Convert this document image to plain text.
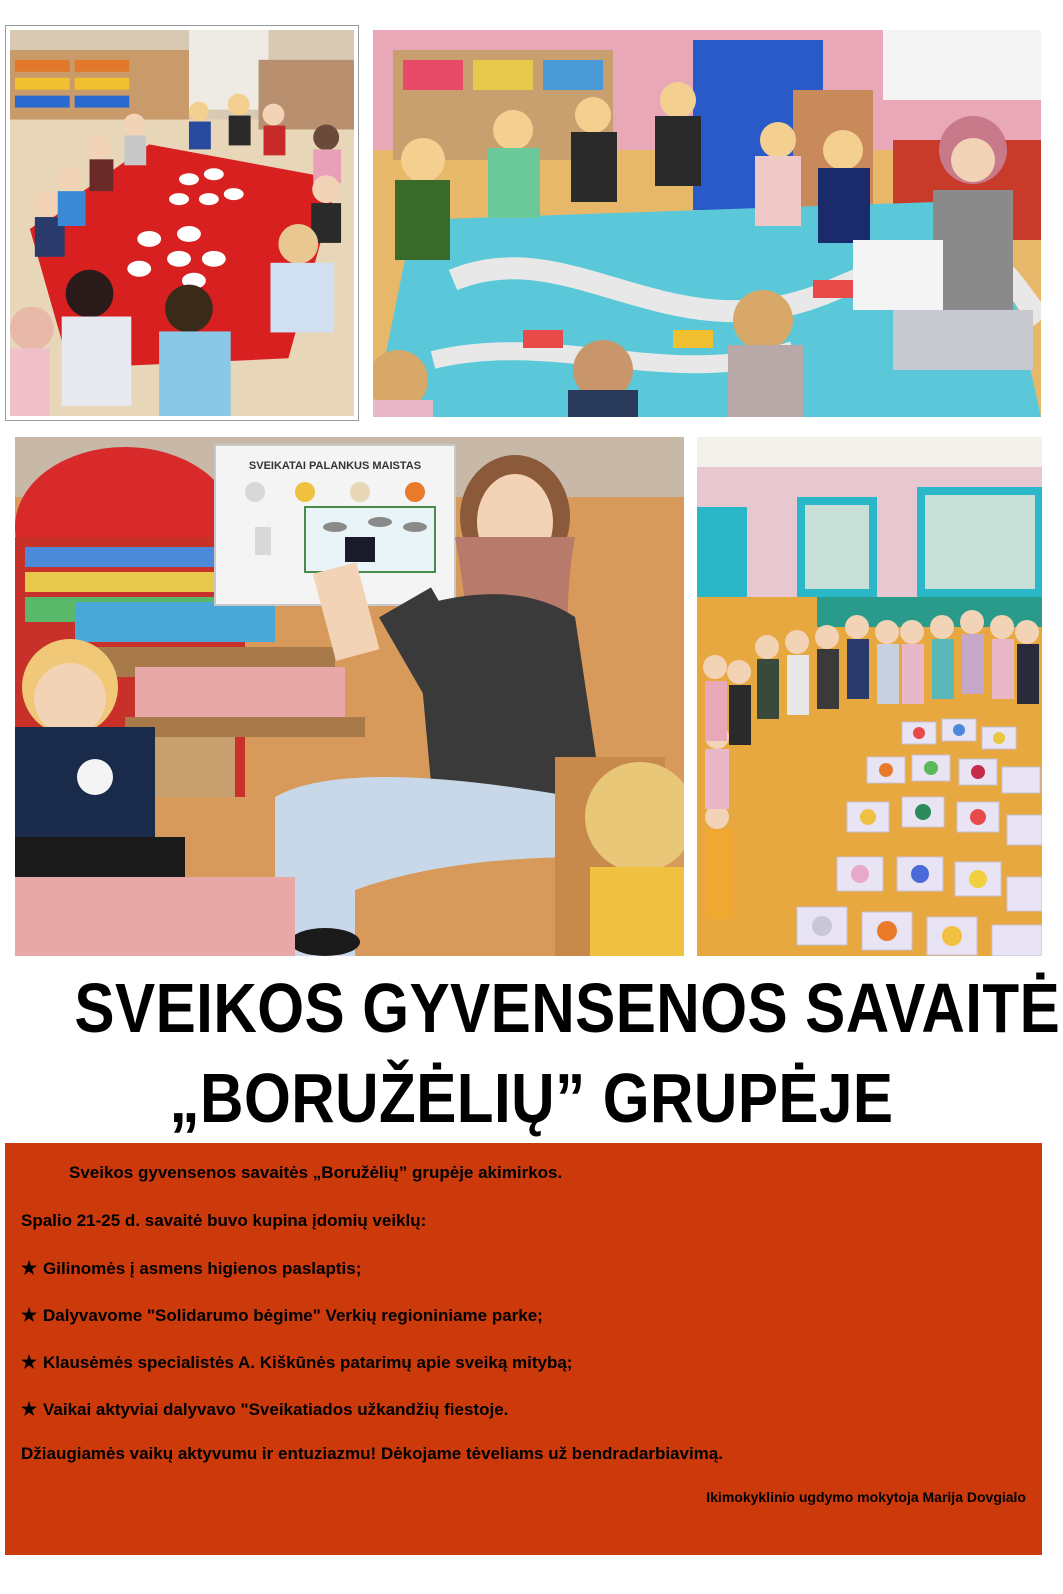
SVEIKATAI PALANKUS MAISTAS
SVEIKOS GYVENSENOS SAVAITĖ
„BORUŽĖLIŲ” GRUPĖJE
Sveikos gyvensenos savaitės „Boružėlių” grupėje akimirkos.
Spalio 21-25 d. savaitė buvo kupina įdomių veiklų:
★ Gilinomės į asmens higienos paslaptis;
★ Dalyvavome "Solidarumo bėgime" Verkių regioniniame parke;
★ Klausėmės specialistės A. Kiškūnės patarimų apie sveiką mitybą;
★ Vaikai aktyviai dalyvavo "Sveikatiados užkandžių fiestoje.
Džiaugiamės vaikų aktyvumu ir entuziazmu! Dėkojame tėveliams už bendradarbiavimą.
Ikimokyklinio ugdymo mokytoja Marija Dovgialo
